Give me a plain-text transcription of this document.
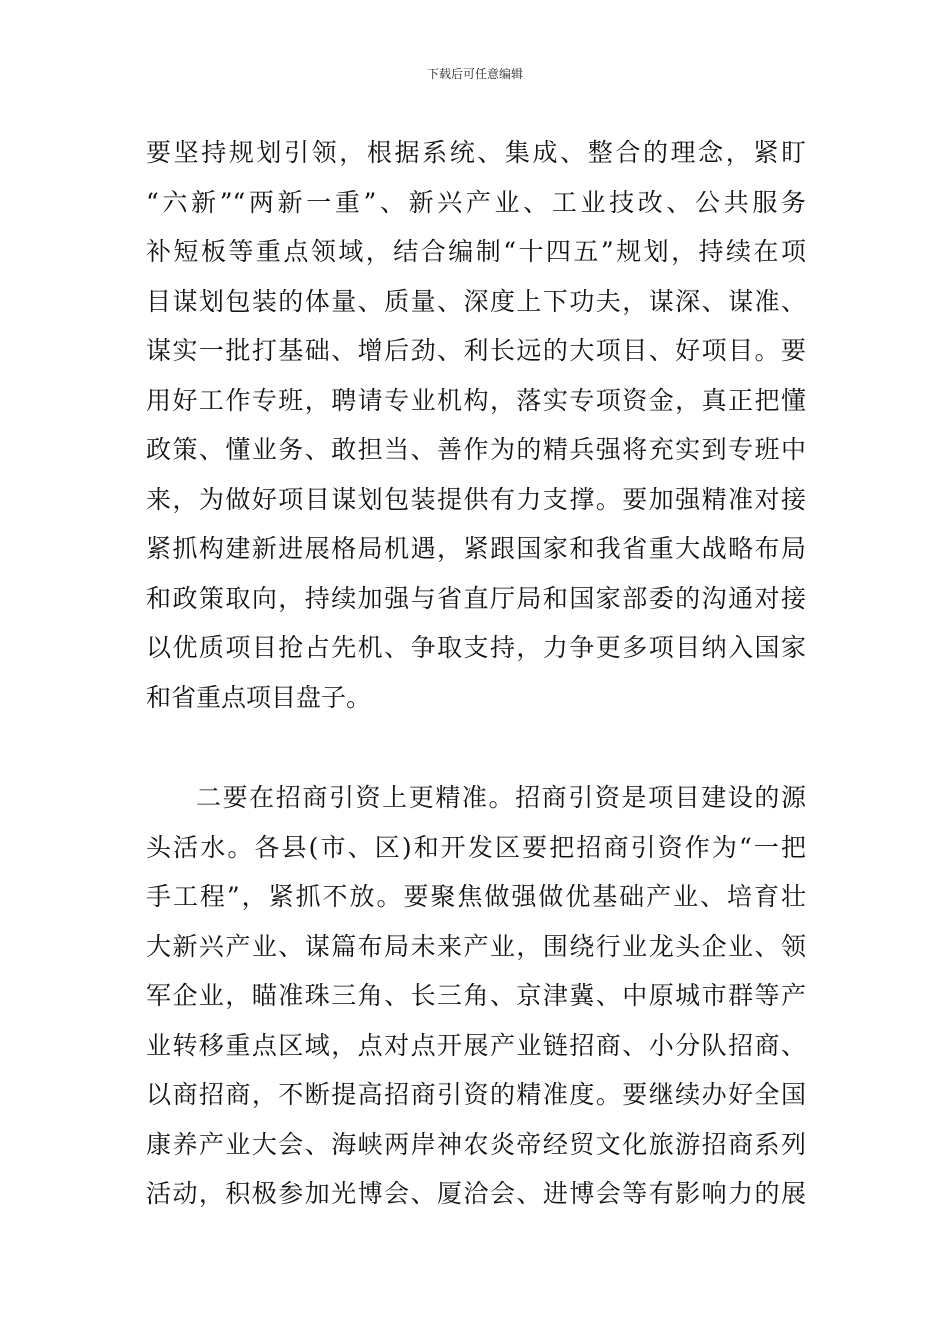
下载后可任意编辑
要坚持规划引领，根据系统、集成、整合的理念，紧盯
“六新”“两新一重”、新兴产业、工业技改、公共服务
补短板等重点领域，结合编制“十四五”规划，持续在项
目谋划包装的体量、质量、深度上下功夫，谋深、谋准、
谋实一批打基础、增后劲、利长远的大项目、好项目。要
用好工作专班，聘请专业机构，落实专项资金，真正把懂
政策、懂业务、敢担当、善作为的精兵强将充实到专班中
来，为做好项目谋划包装提供有力支撑。要加强精准对接
紧抓构建新进展格局机遇，紧跟国家和我省重大战略布局
和政策取向，持续加强与省直厅局和国家部委的沟通对接
以优质项目抢占先机、争取支持，力争更多项目纳入国家
和省重点项目盘子。
二要在招商引资上更精准。招商引资是项目建设的源
头活水。各县(市、区)和开发区要把招商引资作为“一把
手工程”，紧抓不放。要聚焦做强做优基础产业、培育壮
大新兴产业、谋篇布局未来产业，围绕行业龙头企业、领
军企业，瞄准珠三角、长三角、京津冀、中原城市群等产
业转移重点区域，点对点开展产业链招商、小分队招商、
以商招商，不断提高招商引资的精准度。要继续办好全国
康养产业大会、海峡两岸神农炎帝经贸文化旅游招商系列
活动，积极参加光博会、厦洽会、进博会等有影响力的展
